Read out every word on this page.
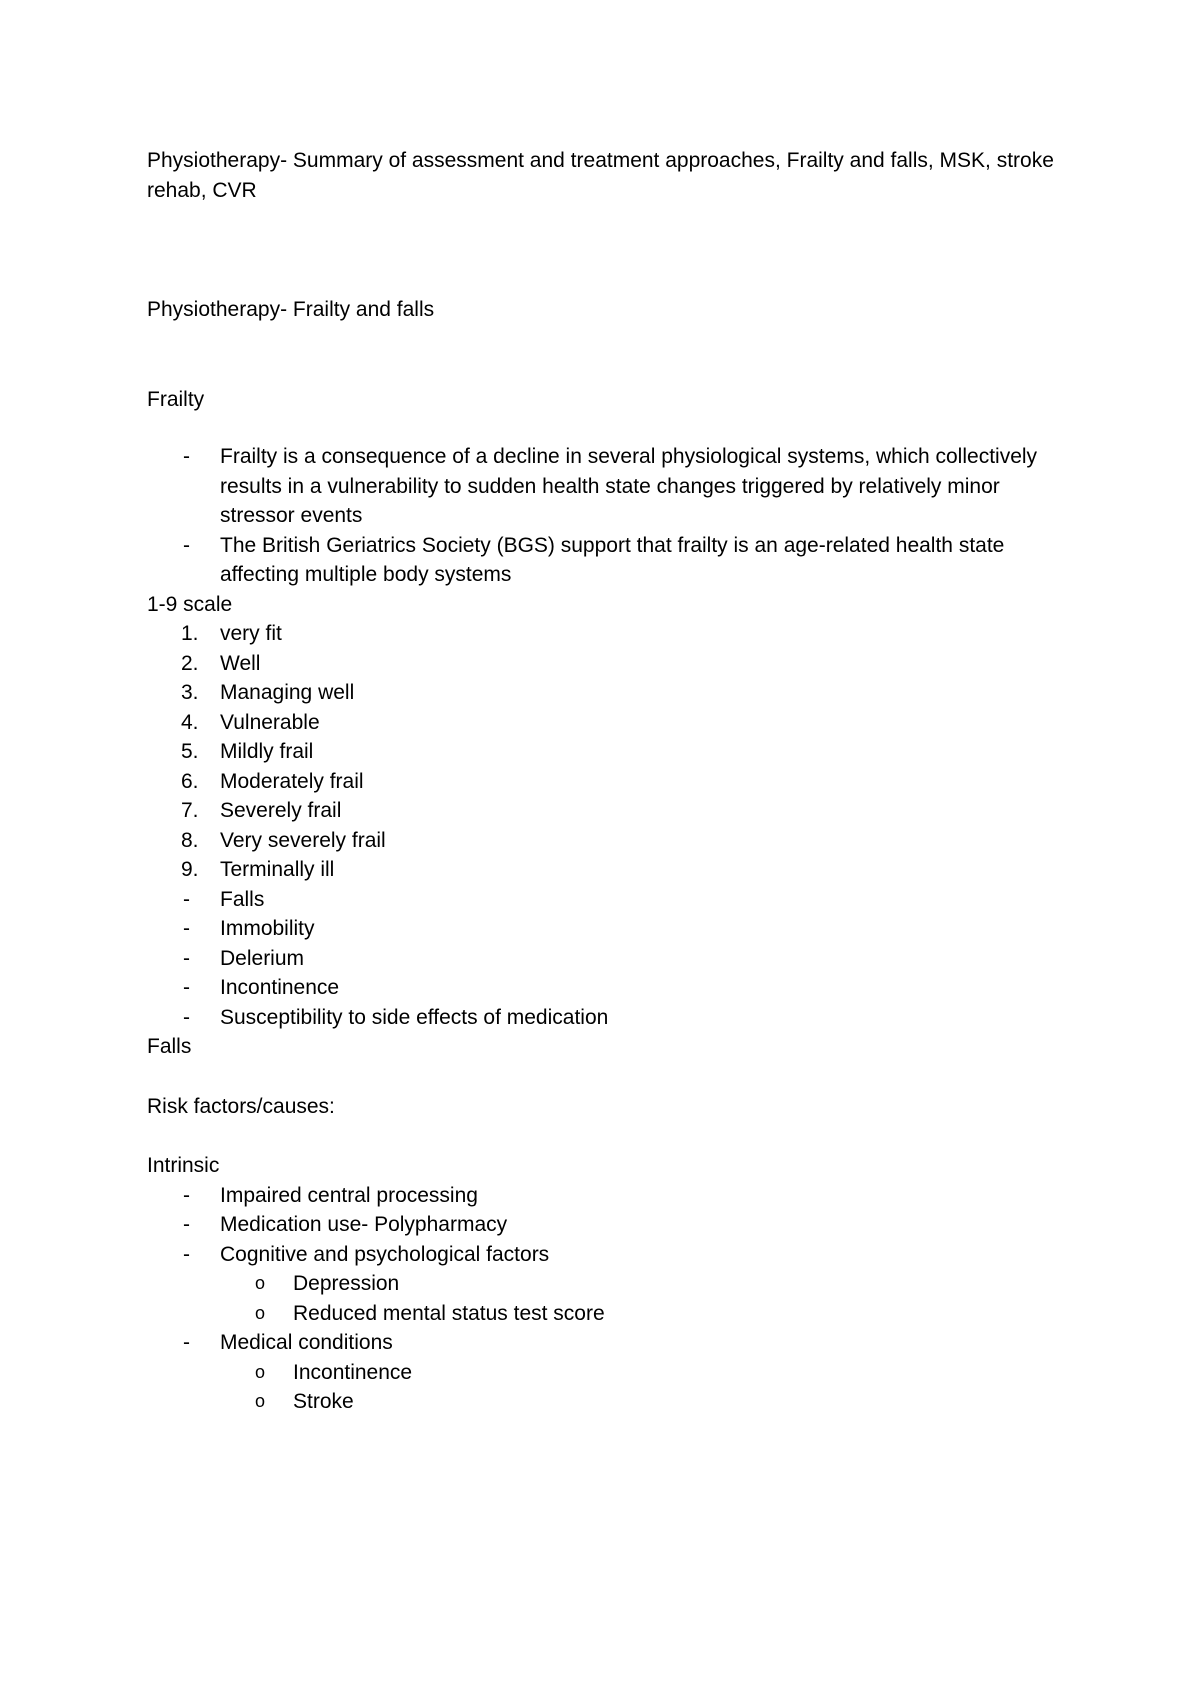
Physiotherapy- Summary of assessment and treatment approaches, Frailty and falls, MSK, stroke rehab, CVR

Physiotherapy- Frailty and falls

Frailty

- Frailty is a consequence of a decline in several physiological systems, which collectively results in a vulnerability to sudden health state changes triggered by relatively minor stressor events
- The British Geriatrics Society (BGS) support that frailty is an age-related health state affecting multiple body systems

1-9 scale

1.	very fit
2.	Well
3.	Managing well
4.	Vulnerable
5.	Mildly frail
6.	Moderately frail
7.	Severely frail
8.	Very severely frail
9.	Terminally ill
- Falls
- Immobility
- Delerium
- Incontinence
- Susceptibility to side effects of medication

Falls

Risk factors/causes:

Intrinsic

- Impaired central processing
- Medication use- Polypharmacy
- Cognitive and psychological factors
o Depression
o Reduced mental status test score
- Medical conditions
o Incontinence
o Stroke
